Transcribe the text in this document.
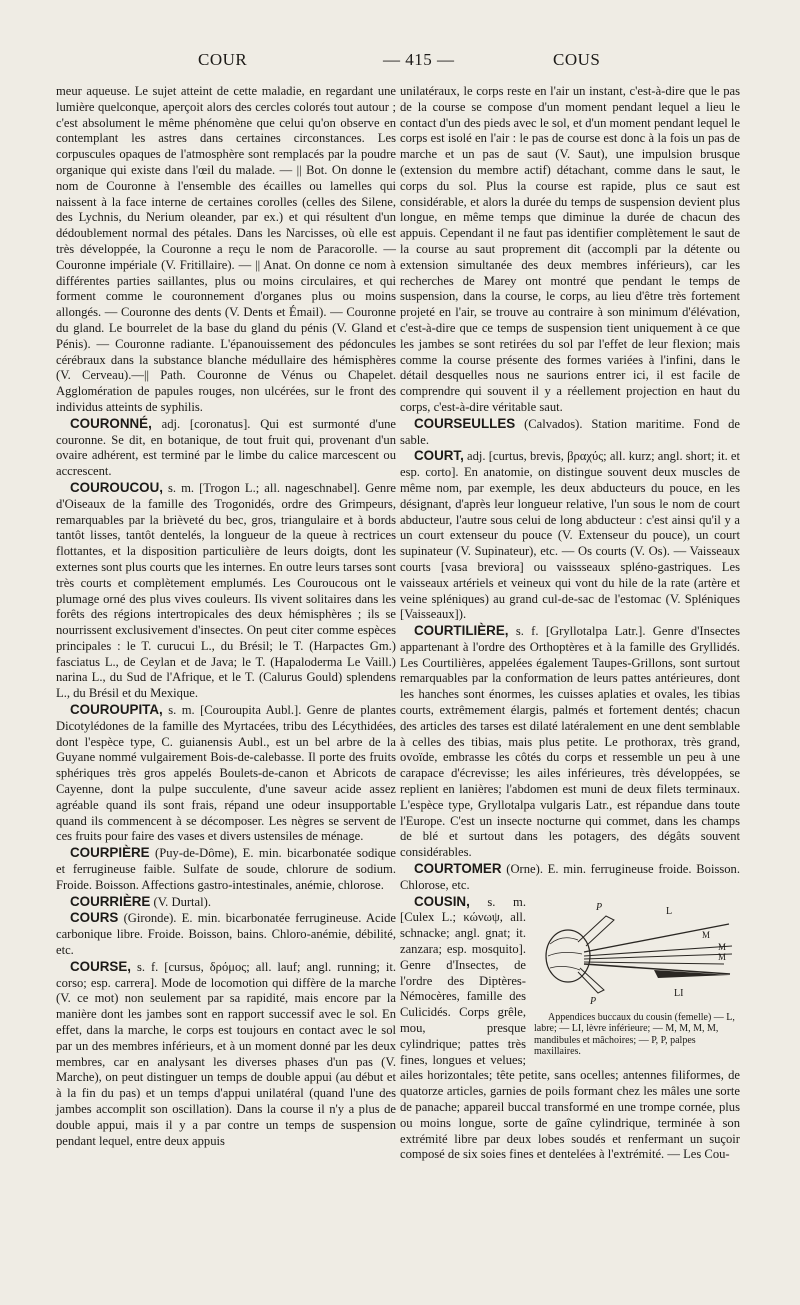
COUR	— 415 —	COUS

meur aqueuse. Le sujet atteint de cette maladie, en regardant une lumière quelconque, aperçoit alors des cercles colorés tout autour ; c'est absolument le même phénomène que celui qu'on observe en contemplant les astres dans certaines circonstances. Les corpuscules opaques de l'atmosphère sont remplacés par la poudre organique qui existe dans l'œil du malade. — || Bot. On donne le nom de Couronne à l'ensemble des écailles ou lamelles qui naissent à la face interne de certaines corolles (celles des Silene, des Lychnis, du Nerium oleander, par ex.) et qui résultent d'un dédoublement normal des pétales. Dans les Narcisses, où elle est très développée, la Couronne a reçu le nom de Paracorolle. — Couronne impériale (V. Fritillaire). — || Anat. On donne ce nom à différentes parties saillantes, plus ou moins circulaires, et qui forment comme le couronnement d'organes plus ou moins allongés. — Couronne des dents (V. Dents et Émail). — Couronne du gland. Le bourrelet de la base du gland du pénis (V. Gland et Pénis). — Couronne radiante. L'épanouissement des pédoncules cérébraux dans la substance blanche médullaire des hémisphères (V. Cerveau).—|| Path. Couronne de Vénus ou Chapelet. Agglomération de papules rouges, non ulcérées, sur le front des individus atteints de syphilis.

COURONNÉ, adj. [coronatus]. Qui est surmonté d'une couronne. Se dit, en botanique, de tout fruit qui, provenant d'un ovaire adhérent, est terminé par le limbe du calice marcescent ou accrescent.

COUROUCOU, s. m. [Trogon L.; all. nageschnabel]. Genre d'Oiseaux de la famille des Trogonidés, ordre des Grimpeurs, remarquables par la brièveté du bec, gros, triangulaire et à bords tantôt lisses, tantôt dentelés, la longueur de la queue à rectrices flottantes, et la disposition particulière de leurs doigts, dont les externes sont plus courts que les internes. En outre leurs tarses sont très courts et complètement emplumés. Les Couroucous ont le plumage orné des plus vives couleurs. Ils vivent solitaires dans les forêts des régions intertropicales des deux hémisphères ; ils se nourrissent exclusivement d'insectes. On peut citer comme espèces principales : le T. curucui L., du Brésil; le T. (Harpactes Gm.) fasciatus L., de Ceylan et de Java; le T. (Hapaloderma Le Vaill.) narina L., du Sud de l'Afrique, et le T. (Calurus Gould) splendens L., du Brésil et du Mexique.

COUROUPITA, s. m. [Couroupita Aubl.]. Genre de plantes Dicotylédones de la famille des Myrtacées, tribu des Lécythidées, dont l'espèce type, C. guianensis Aubl., est un bel arbre de la Guyane nommé vulgairement Bois-de-calebasse. Il porte des fruits sphériques très gros appelés Boulets-de-canon et Abricots de Cayenne, dont la pulpe succulente, d'une saveur acide assez agréable quand ils sont frais, répand une odeur insupportable quand ils commencent à se décomposer. Les nègres se servent de ces fruits pour faire des vases et divers ustensiles de ménage.

COURPIÈRE (Puy-de-Dôme), E. min. bicarbonatée sodique et ferrugineuse faible. Sulfate de soude, chlorure de sodium. Froide. Boisson. Affections gastro-intestinales, anémie, chlorose.

COURRIÈRE (V. Durtal).

COURS (Gironde). E. min. bicarbonatée ferrugineuse. Acide carbonique libre. Froide. Boisson, bains. Chloro-anémie, débilité, etc.

COURSE, s. f. [cursus, δρόμος; all. lauf; angl. running; it. corso; esp. carrera]. Mode de locomotion qui diffère de la marche (V. ce mot) non seulement par sa rapidité, mais encore par la manière dont les jambes sont en rapport successif avec le sol. En effet, dans la marche, le corps est toujours en contact avec le sol par un des membres inférieurs, et à un moment donné par les deux membres, car en analysant les diverses phases d'un pas (V. Marche), on peut distinguer un temps de double appui (au début et à la fin du pas) et un temps d'appui unilatéral (quand l'une des jambes accomplit son oscillation). Dans la course il n'y a plus de double appui, mais il y a par contre un temps de suspension pendant lequel, entre deux appuis

unilatéraux, le corps reste en l'air un instant, c'est-à-dire que le pas de la course se compose d'un moment pendant lequel a lieu le contact d'un des pieds avec le sol, et d'un moment pendant lequel le corps est isolé en l'air : le pas de course est donc à la fois un pas de marche et un pas de saut (V. Saut), une impulsion brusque (extension du membre actif) détachant, comme dans le saut, le corps du sol. Plus la course est rapide, plus ce saut est considérable, et alors la durée du temps de suspension devient plus longue, en même temps que diminue la durée de chacun des appuis. Cependant il ne faut pas identifier complètement le saut de la course au saut proprement dit (accompli par la détente ou extension simultanée des deux membres inférieurs), car les recherches de Marey ont montré que pendant le temps de suspension, dans la course, le corps, au lieu d'être très fortement projeté en l'air, se trouve au contraire à son minimum d'élévation, c'est-à-dire que ce temps de suspension tient uniquement à ce que les jambes se sont retirées du sol par l'effet de leur flexion; mais comme la course présente des formes variées à l'infini, dans le détail desquelles nous ne saurions entrer ici, il est facile de comprendre qui souvent il y a réellement projection en haut du corps, c'est-à-dire véritable saut.

COURSEULLES (Calvados). Station maritime. Fond de sable.

COURT, adj. [curtus, brevis, βραχύς; all. kurz; angl. short; it. et esp. corto]. En anatomie, on distingue souvent deux muscles de même nom, par exemple, les deux abducteurs du pouce, en les désignant, d'après leur longueur relative, l'un sous le nom de court abducteur, l'autre sous celui de long abducteur : c'est ainsi qu'il y a un court extenseur du pouce (V. Extenseur du pouce), un court supinateur (V. Supinateur), etc. — Os courts (V. Os). — Vaisseaux courts [vasa breviora] ou vaissseaux spléno-gastriques. Les vaisseaux artériels et veineux qui vont du hile de la rate (artère et veine spléniques) au grand cul-de-sac de l'estomac (V. Spléniques [Vaisseaux]).

COURTILIÈRE, s. f. [Gryllotalpa Latr.]. Genre d'Insectes appartenant à l'ordre des Orthoptères et à la famille des Gryllidés. Les Courtilières, appelées également Taupes-Grillons, sont surtout remarquables par la conformation de leurs pattes antérieures, dont les hanches sont énormes, les cuisses aplaties et ovales, les tibias courts, extrêmement élargis, palmés et fortement dentés; chacun des articles des tarses est dilaté latéralement en une dent semblable à celles des tibias, mais plus petite. Le prothorax, très grand, ovoïde, embrasse les côtés du corps et ressemble un peu à une carapace d'écrevisse; les ailes inférieures, très développées, se replient en lanières; l'abdomen est muni de deux filets terminaux. L'espèce type, Gryllotalpa vulgaris Latr., est répandue dans toute l'Europe. C'est un insecte nocturne qui commet, dans les champs de blé et surtout dans les potagers, des dégâts souvent considérables.

COURTOMER (Orne). E. min. ferrugineuse froide. Boisson. Chlorose, etc.

COUSIN,	P	L
M
M
M
P
LI
Appendices buccaux du cousin (femelle) — L, labre; — LI, lèvre inférieure; — M, M, M, M, mandibules et mâchoires; — P, P, palpes maxillaires.
s. m. [Culex L.; κώνωψ, all. schnacke; angl. gnat; it. zanzara; esp. mosquito]. Genre d'Insectes, de l'ordre des Diptères-Némocères, famille des Culicidés. Corps grêle, mou, presque cylindrique; pattes très fines, longues et velues; ailes horizontales; tête petite, sans ocelles; antennes filiformes, de quatorze articles, garnies de poils formant chez les mâles une sorte de panache; appareil buccal transformé en une trompe cornée, plus ou moins longue, sorte de gaîne cylindrique, terminée à son extrémité libre par deux lobes soudés et renfermant un suçoir composé de six soies fines et dentelées à l'extrémité. — Les Cou-
